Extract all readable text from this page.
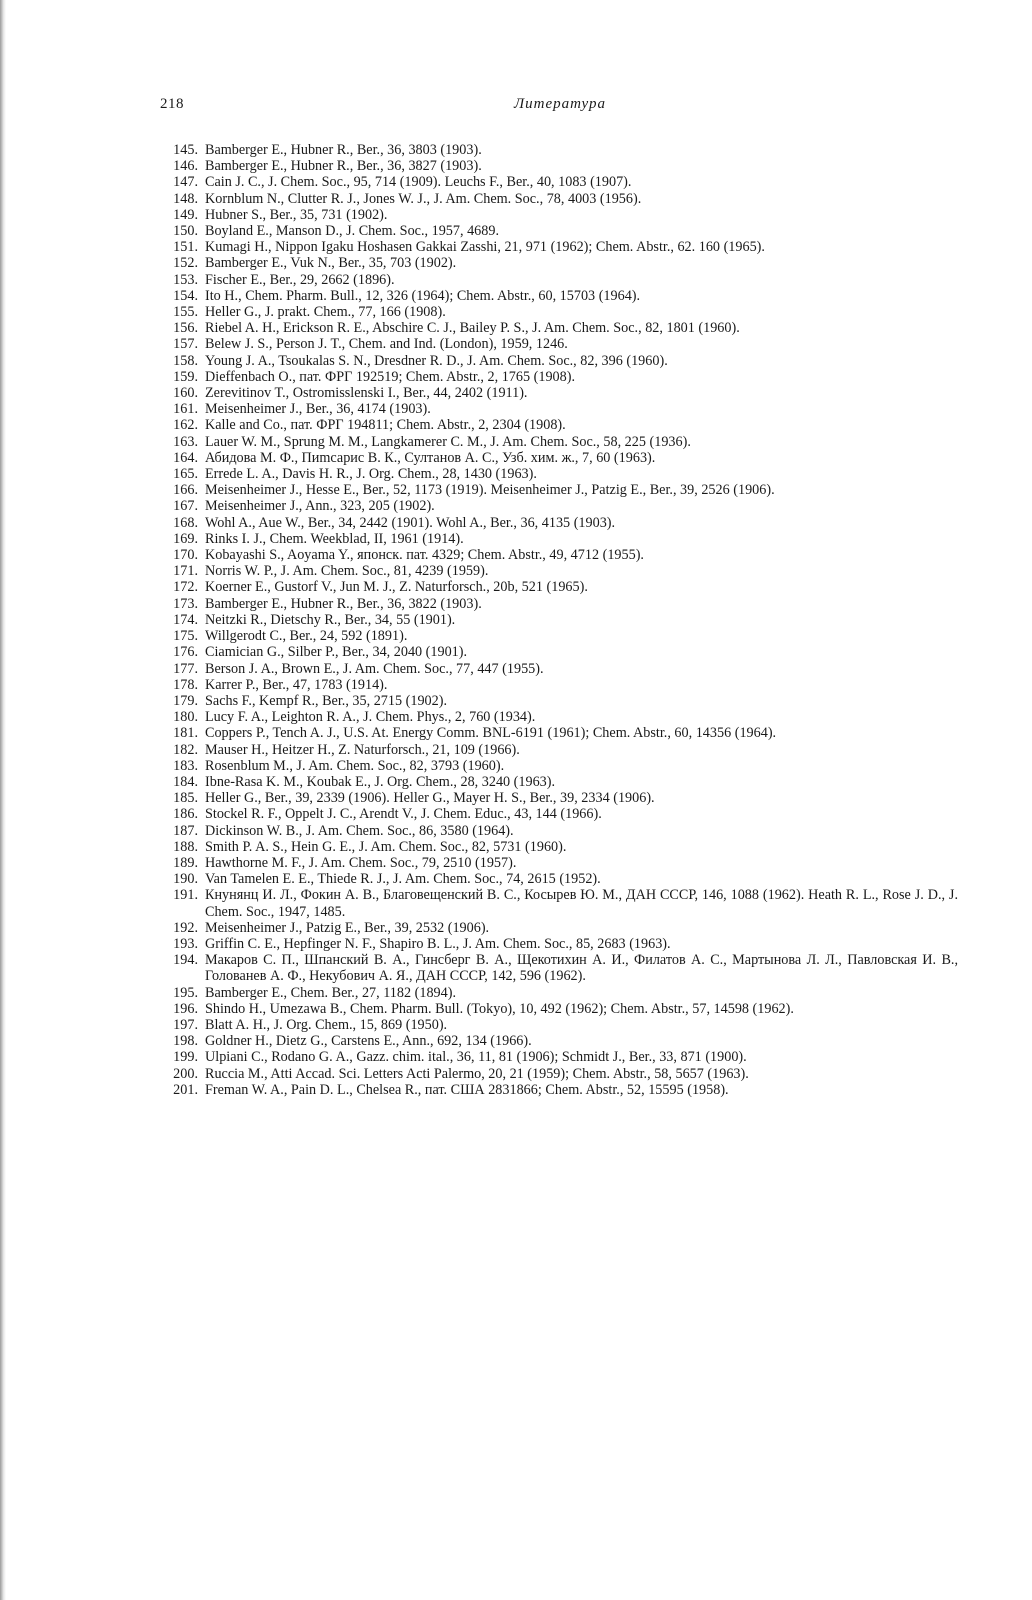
218	Литература
145. Bamberger E., Hubner R., Ber., 36, 3803 (1903).
146. Bamberger E., Hubner R., Ber., 36, 3827 (1903).
147. Cain J. C., J. Chem. Soc., 95, 714 (1909). Leuchs F., Ber., 40, 1083 (1907).
148. Kornblum N., Clutter R. J., Jones W. J., J. Am. Chem. Soc., 78, 4003 (1956).
149. Hubner S., Ber., 35, 731 (1902).
150. Boyland E., Manson D., J. Chem. Soc., 1957, 4689.
151. Kumagi H., Nippon Igaku Hoshasen Gakkai Zasshi, 21, 971 (1962); Chem. Abstr., 62. 160 (1965).
152. Bamberger E., Vuk N., Ber., 35, 703 (1902).
153. Fischer E., Ber., 29, 2662 (1896).
154. Ito H., Chem. Pharm. Bull., 12, 326 (1964); Chem. Abstr., 60, 15703 (1964).
155. Heller G., J. prakt. Chem., 77, 166 (1908).
156. Riebel A. H., Erickson R. E., Abschire C. J., Bailey P. S., J. Am. Chem. Soc., 82, 1801 (1960).
157. Belew J. S., Person J. T., Chem. and Ind. (London), 1959, 1246.
158. Young J. A., Tsoukalas S. N., Dresdner R. D., J. Am. Chem. Soc., 82, 396 (1960).
159. Dieffenbach O., пат. ФРГ 192519; Chem. Abstr., 2, 1765 (1908).
160. Zerevitinov T., Ostromisslenski I., Ber., 44, 2402 (1911).
161. Meisenheimer J., Ber., 36, 4174 (1903).
162. Kalle and Co., пат. ФРГ 194811; Chem. Abstr., 2, 2304 (1908).
163. Lauer W. M., Sprung M. M., Langkamerer C. M., J. Am. Chem. Soc., 58, 225 (1936).
164. Абидова М. Ф., Пиmсарис В. К., Султанов А. С., Узб. хим. ж., 7, 60 (1963).
165. Errede L. A., Davis H. R., J. Org. Chem., 28, 1430 (1963).
166. Meisenheimer J., Hesse E., Ber., 52, 1173 (1919). Meisenheimer J., Patzig E., Ber., 39, 2526 (1906).
167. Meisenheimer J., Ann., 323, 205 (1902).
168. Wohl A., Aue W., Ber., 34, 2442 (1901). Wohl A., Ber., 36, 4135 (1903).
169. Rinks I. J., Chem. Weekblad, II, 1961 (1914).
170. Kobayashi S., Aoyama Y., японск. пат. 4329; Chem. Abstr., 49, 4712 (1955).
171. Norris W. P., J. Am. Chem. Soc., 81, 4239 (1959).
172. Koerner E., Gustorf V., Jun M. J., Z. Naturforsch., 20b, 521 (1965).
173. Bamberger E., Hubner R., Ber., 36, 3822 (1903).
174. Neitzki R., Dietschy R., Ber., 34, 55 (1901).
175. Willgerodt C., Ber., 24, 592 (1891).
176. Ciamician G., Silber P., Ber., 34, 2040 (1901).
177. Berson J. A., Brown E., J. Am. Chem. Soc., 77, 447 (1955).
178. Karrer P., Ber., 47, 1783 (1914).
179. Sachs F., Kempf R., Ber., 35, 2715 (1902).
180. Lucy F. A., Leighton R. A., J. Chem. Phys., 2, 760 (1934).
181. Coppers P., Tench A. J., U.S. At. Energy Comm. BNL-6191 (1961); Chem. Abstr., 60, 14356 (1964).
182. Mauser H., Heitzer H., Z. Naturforsch., 21, 109 (1966).
183. Rosenblum M., J. Am. Chem. Soc., 82, 3793 (1960).
184. Ibne-Rasa K. M., Koubak E., J. Org. Chem., 28, 3240 (1963).
185. Heller G., Ber., 39, 2339 (1906). Heller G., Mayer H. S., Ber., 39, 2334 (1906).
186. Stockel R. F., Oppelt J. C., Arendt V., J. Chem. Educ., 43, 144 (1966).
187. Dickinson W. B., J. Am. Chem. Soc., 86, 3580 (1964).
188. Smith P. A. S., Hein G. E., J. Am. Chem. Soc., 82, 5731 (1960).
189. Hawthorne M. F., J. Am. Chem. Soc., 79, 2510 (1957).
190. Van Tamelen E. E., Thiede R. J., J. Am. Chem. Soc., 74, 2615 (1952).
191. Кнунянц И. Л., Фокин А. В., Благовещенский В. С., Косырев Ю. М., ДАН СССР, 146, 1088 (1962). Heath R. L., Rose J. D., J. Chem. Soc., 1947, 1485.
192. Meisenheimer J., Patzig E., Ber., 39, 2532 (1906).
193. Griffin C. E., Hepfinger N. F., Shapiro B. L., J. Am. Chem. Soc., 85, 2683 (1963).
194. Макаров С. П., Шпанский В. А., Гинсберг В. А., Щекотихин А. И., Филатов А. С., Мартынова Л. Л., Павловская И. В., Голованев А. Ф., Некубович А. Я., ДАН СССР, 142, 596 (1962).
195. Bamberger E., Chem. Ber., 27, 1182 (1894).
196. Shindo H., Umezawa B., Chem. Pharm. Bull. (Tokyo), 10, 492 (1962); Chem. Abstr., 57, 14598 (1962).
197. Blatt A. H., J. Org. Chem., 15, 869 (1950).
198. Goldner H., Dietz G., Carstens E., Ann., 692, 134 (1966).
199. Ulpiani C., Rodano G. A., Gazz. chim. ital., 36, 11, 81 (1906); Schmidt J., Ber., 33, 871 (1900).
200. Ruccia M., Atti Accad. Sci. Letters Acti Palermo, 20, 21 (1959); Chem. Abstr., 58, 5657 (1963).
201. Freman W. A., Pain D. L., Chelsea R., пат. США 2831866; Chem. Abstr., 52, 15595 (1958).
